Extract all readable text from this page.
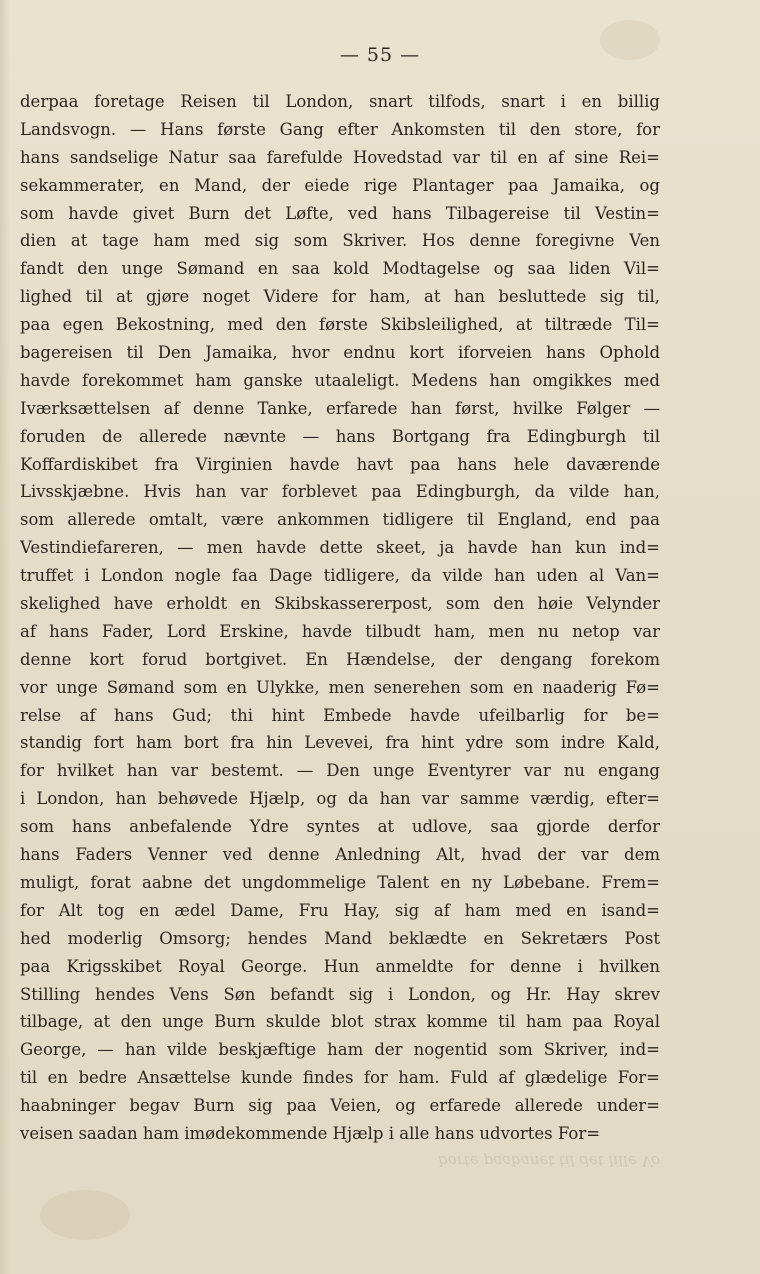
— 55 —
derpaa foretage Reisen til London, snart tilfods, snart i en billig
Landsvogn. — Hans første Gang efter Ankomsten til den store, for
hans sandselige Natur saa farefulde Hovedstad var til en af sine Rei=
sekammerater, en Mand, der eiede rige Plantager paa Jamaika, og
som havde givet Burn det Løfte, ved hans Tilbagereise til Vestin=
dien at tage ham med sig som Skriver. Hos denne foregivne Ven
fandt den unge Sømand en saa kold Modtagelse og saa liden Vil=
lighed til at gjøre noget Videre for ham, at han besluttede sig til,
paa egen Bekostning, med den første Skibsleilighed, at tiltræde Til=
bagereisen til Den Jamaika, hvor endnu kort iforveien hans Ophold
havde forekommet ham ganske utaaleligt. Medens han omgikkes med
Iværksættelsen af denne Tanke, erfarede han først, hvilke Følger —
foruden de allerede nævnte — hans Bortgang fra Edingburgh til
Koffardiskibet fra Virginien havde havt paa hans hele daværende
Livsskjæbne. Hvis han var forblevet paa Edingburgh, da vilde han,
som allerede omtalt, være ankommen tidligere til England, end paa
Vestindiefareren, — men havde dette skeet, ja havde han kun ind=
truffet i London nogle faa Dage tidligere, da vilde han uden al Van=
skelighed have erholdt en Skibskassererpost, som den høie Velynder
af hans Fader, Lord Erskine, havde tilbudt ham, men nu netop var
denne kort forud bortgivet. En Hændelse, der dengang forekom
vor unge Sømand som en Ulykke, men senerehen som en naaderig Fø=
relse af hans Gud; thi hint Embede havde ufeilbarlig for be=
standig fort ham bort fra hin Levevei, fra hint ydre som indre Kald,
for hvilket han var bestemt. — Den unge Eventyrer var nu engang
i London, han behøvede Hjælp, og da han var samme værdig, efter=
som hans anbefalende Ydre syntes at udlove, saa gjorde derfor
hans Faders Venner ved denne Anledning Alt, hvad der var dem
muligt, forat aabne det ungdommelige Talent en ny Løbebane. Frem=
for Alt tog en ædel Dame, Fru Hay, sig af ham med en isand=
hed moderlig Omsorg; hendes Mand beklædte en Sekretærs Post
paa Krigsskibet Royal George. Hun anmeldte for denne i hvilken
Stilling hendes Vens Søn befandt sig i London, og Hr. Hay skrev
tilbage, at den unge Burn skulde blot strax komme til ham paa Royal
George, — han vilde beskjæftige ham der nogentid som Skriver, ind=
til en bedre Ansættelse kunde findes for ham. Fuld af glædelige For=
haabninger begav Burn sig paa Veien, og erfarede allerede under=
veisen saadan ham imødekommende Hjælp i alle hans udvortes For=
borte paabanet til det lille Vo
